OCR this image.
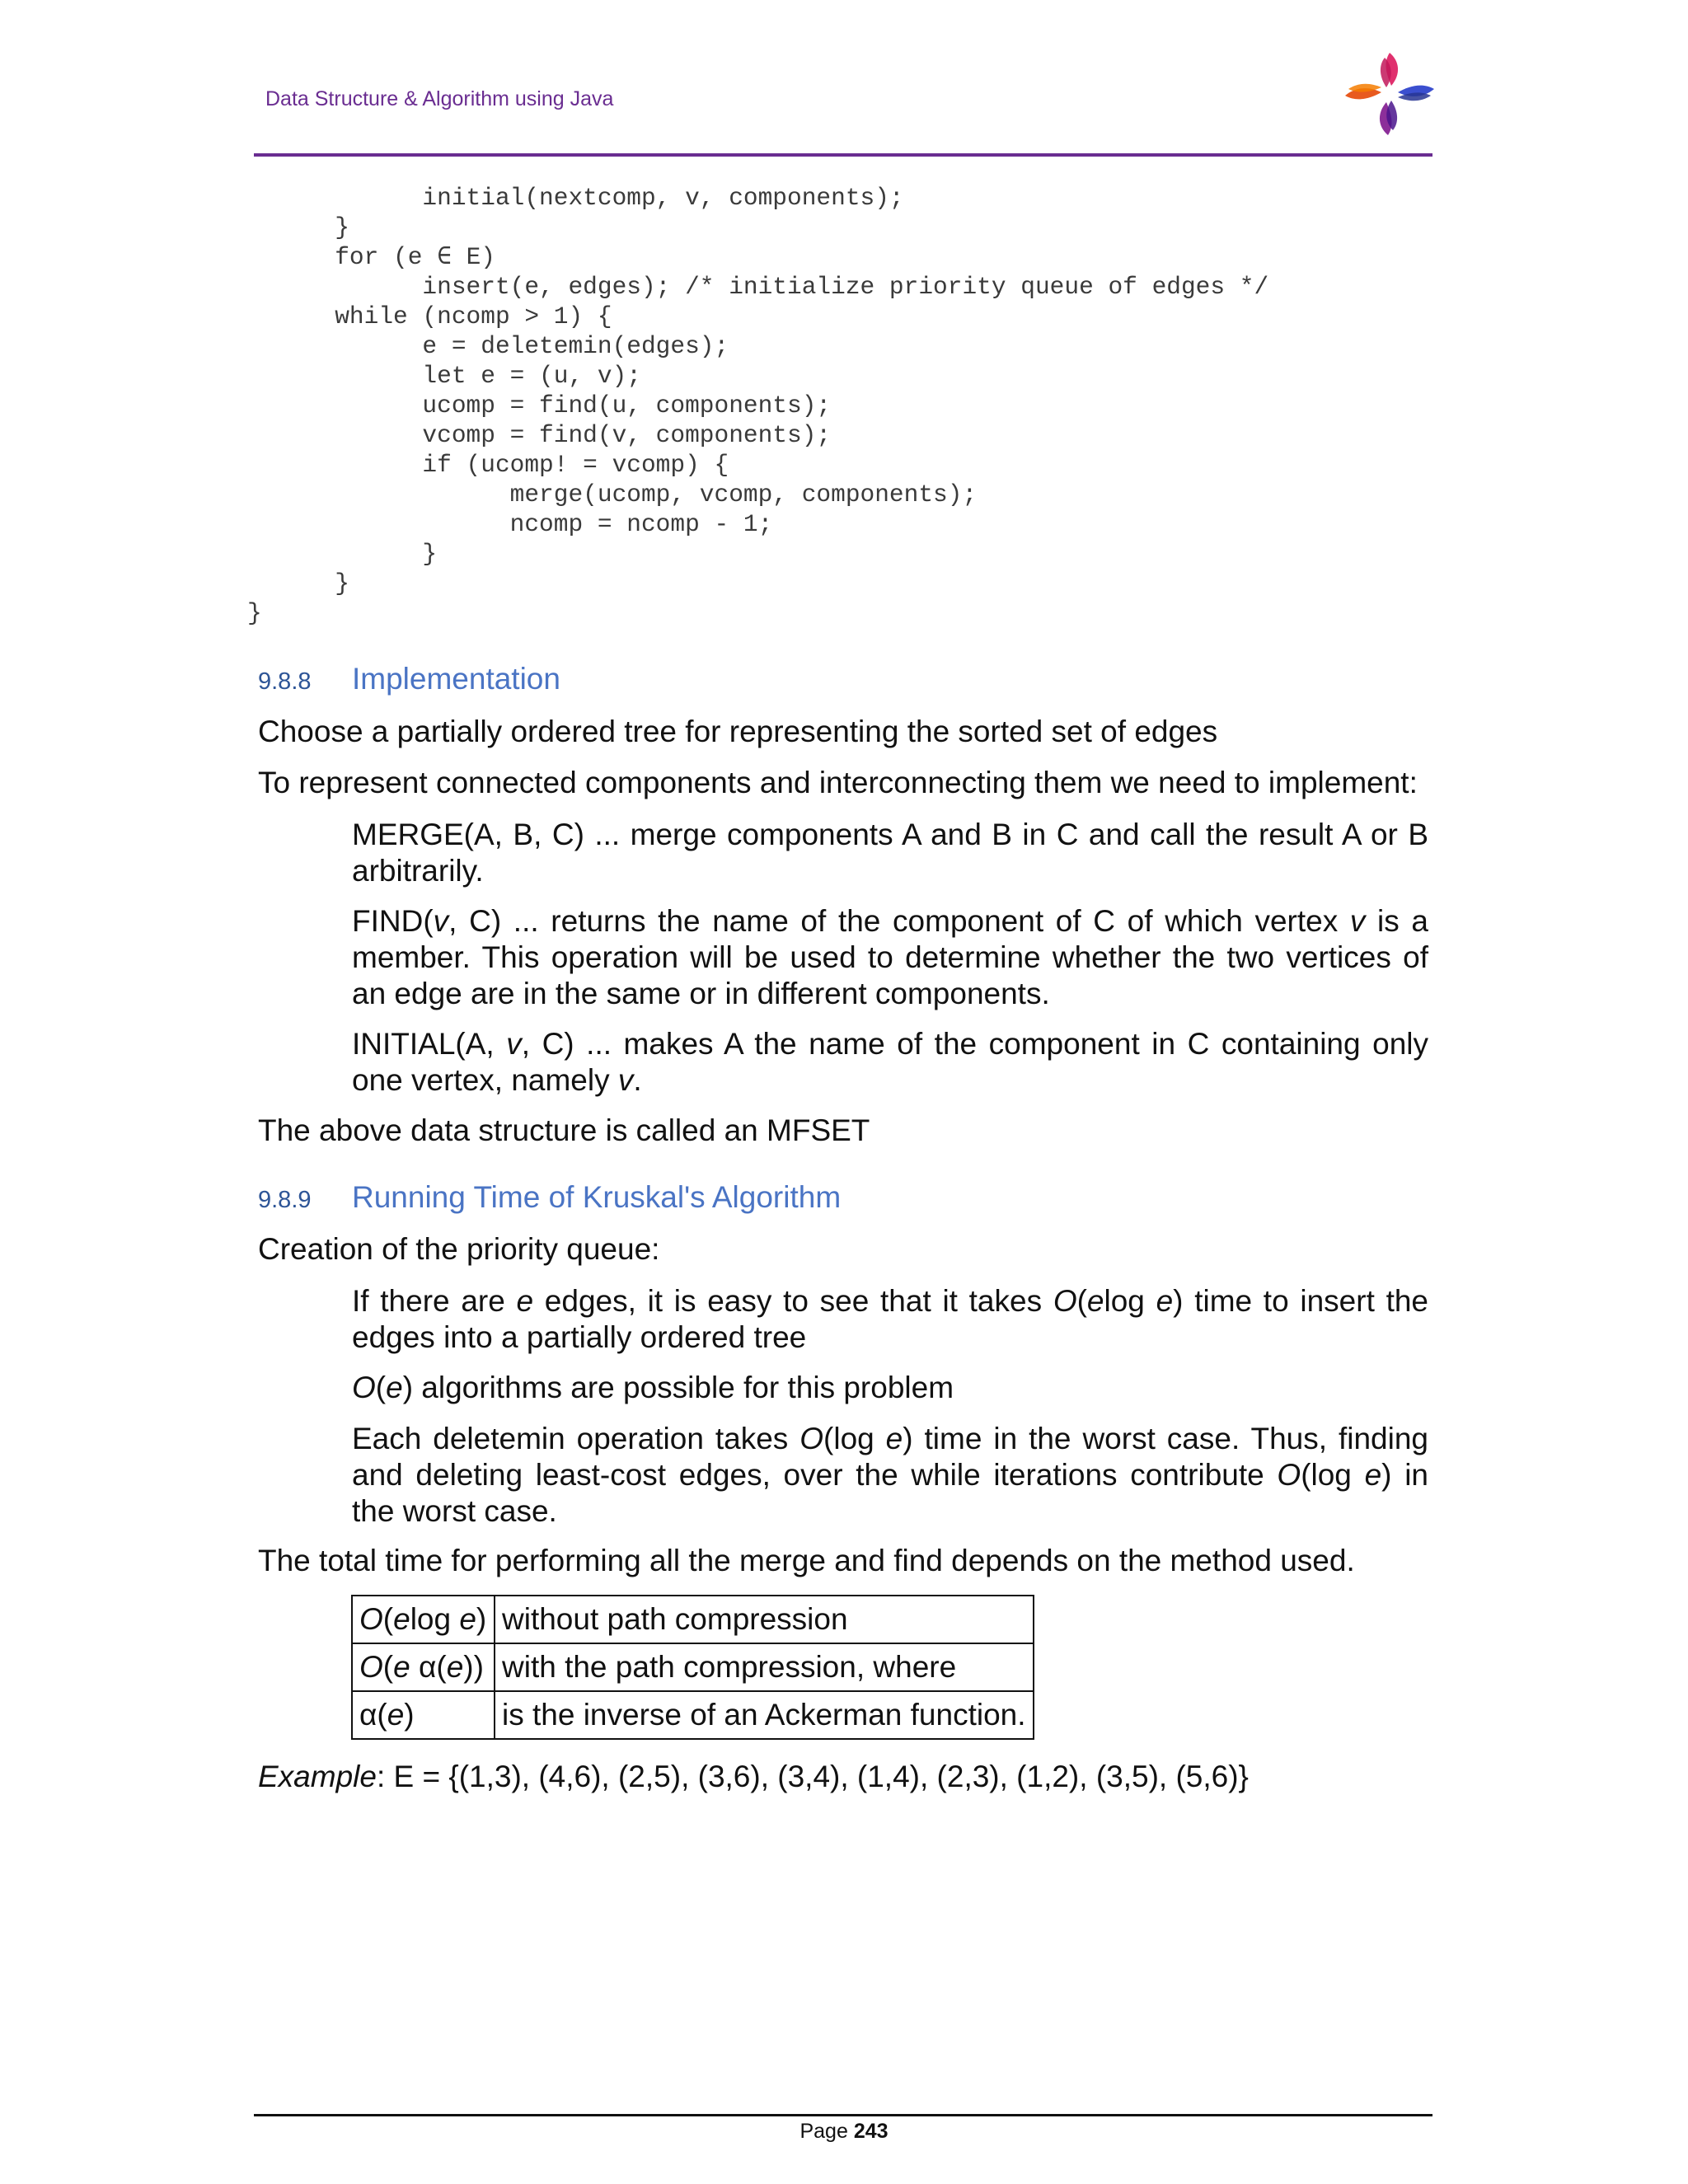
Data Structure & Algorithm using Java
initial(nextcomp, v, components);
}
for (e ∈ E)
insert(e, edges); /* initialize priority queue of edges */
while (ncomp > 1) {
e = deletemin(edges);
let e = (u, v);
ucomp = find(u, components);
vcomp = find(v, components);
if (ucomp! = vcomp) {
merge(ucomp, vcomp, components);
ncomp = ncomp - 1;
}
}
}
9.8.8	Implementation
Choose a partially ordered tree for representing the sorted set of edges
To represent connected components and interconnecting them we need to implement:
MERGE(A, B, C) ... merge components A and B in C and call the result A or B arbitrarily.
FIND(v, C) ... returns the name of the component of C of which vertex v is a member. This operation will be used to determine whether the two vertices of an edge are in the same or in different components.
INITIAL(A, v, C) ... makes A the name of the component in C containing only one vertex, namely v.
The above data structure is called an MFSET
9.8.9	Running Time of Kruskal's Algorithm
Creation of the priority queue:
If there are e edges, it is easy to see that it takes O(elog e) time to insert the edges into a partially ordered tree
O(e) algorithms are possible for this problem
Each deletemin operation takes O(log e) time in the worst case. Thus, finding and deleting least-cost edges, over the while iterations contribute O(log e) in the worst case.
The total time for performing all the merge and find depends on the method used.
O(elog e)	without path compression
O(e α(e))	with the path compression, where
α(e)	is the inverse of an Ackerman function.
Example: E = {(1,3), (4,6), (2,5), (3,6), (3,4), (1,4), (2,3), (1,2), (3,5), (5,6)}
Page 243
